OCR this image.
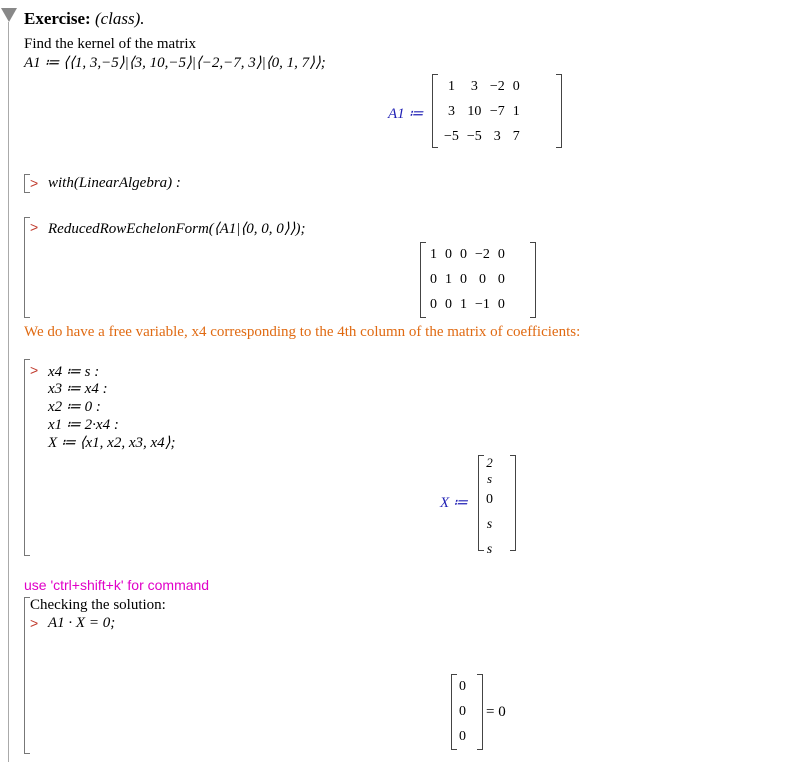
Exercise: (class).
Find the kernel of the matrix
A1 ≔ ⟨⟨1, 3,−5⟩|⟨3, 10,−5⟩|⟨−2,−7, 3⟩|⟨0, 1, 7⟩⟩;
A1 ≔
1	3	−2	0
3	10	−7	1
−5	−5	3	7
> with(LinearAlgebra) :
> ReducedRowEchelonForm(⟨A1|⟨0, 0, 0⟩⟩);
1	0	0	−2	0
0	1	0	0	0
0	0	1	−1	0
We do have a free variable, x4 corresponding to the 4th column of the matrix of coefficients:
> x4 ≔ s :
x3 ≔ x4 :
x2 ≔ 0 :
x1 ≔ 2·x4 :
X ≔ ⟨x1, x2, x3, x4⟩;
X ≔
2 s
0
s
s
use 'ctrl+shift+k' for command
Checking the solution:
> A1 · X = 0;
0
0
0
= 0
